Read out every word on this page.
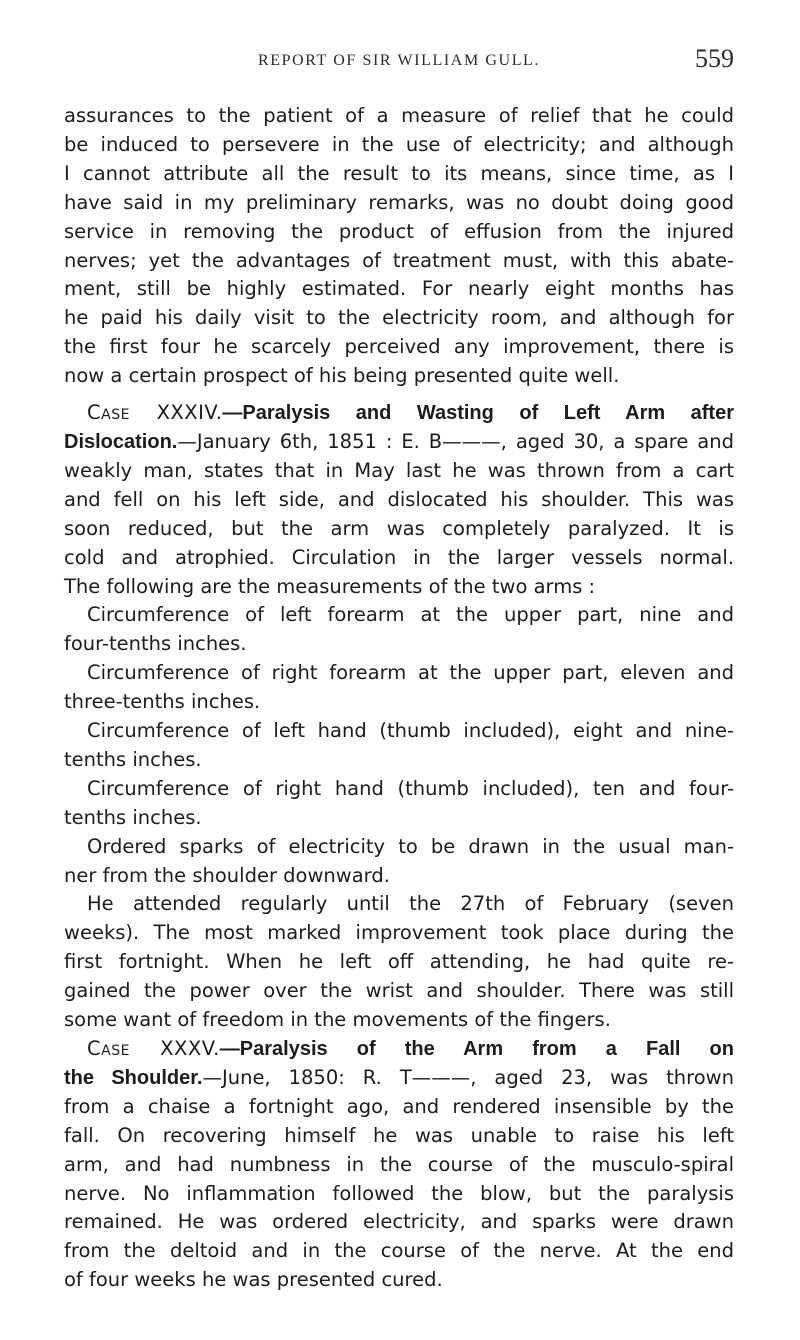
REPORT OF SIR WILLIAM GULL.	559
assurances to the patient of a measure of relief that he could
be induced to persevere in the use of electricity; and although
I cannot attribute all the result to its means, since time, as I
have said in my preliminary remarks, was no doubt doing good
service in removing the product of effusion from the injured
nerves; yet the advantages of treatment must, with this abate-
ment, still be highly estimated. For nearly eight months has
he paid his daily visit to the electricity room, and although for
the first four he scarcely perceived any improvement, there is
now a certain prospect of his being presented quite well.
Case XXXIV.—Paralysis and Wasting of Left Arm after
Dislocation.—January 6th, 1851 : E. B———, aged 30, a spare and
weakly man, states that in May last he was thrown from a cart
and fell on his left side, and dislocated his shoulder. This was
soon reduced, but the arm was completely paralyzed. It is
cold and atrophied. Circulation in the larger vessels normal.
The following are the measurements of the two arms :
Circumference of left forearm at the upper part, nine and
four-tenths inches.
Circumference of right forearm at the upper part, eleven and
three-tenths inches.
Circumference of left hand (thumb included), eight and nine-
tenths inches.
Circumference of right hand (thumb included), ten and four-
tenths inches.
Ordered sparks of electricity to be drawn in the usual man-
ner from the shoulder downward.
He attended regularly until the 27th of February (seven
weeks). The most marked improvement took place during the
first fortnight. When he left off attending, he had quite re-
gained the power over the wrist and shoulder. There was still
some want of freedom in the movements of the fingers.
Case XXXV.—Paralysis of the Arm from a Fall on
the Shoulder.—June, 1850: R. T———, aged 23, was thrown
from a chaise a fortnight ago, and rendered insensible by the
fall. On recovering himself he was unable to raise his left
arm, and had numbness in the course of the musculo-spiral
nerve. No inflammation followed the blow, but the paralysis
remained. He was ordered electricity, and sparks were drawn
from the deltoid and in the course of the nerve. At the end
of four weeks he was presented cured.
